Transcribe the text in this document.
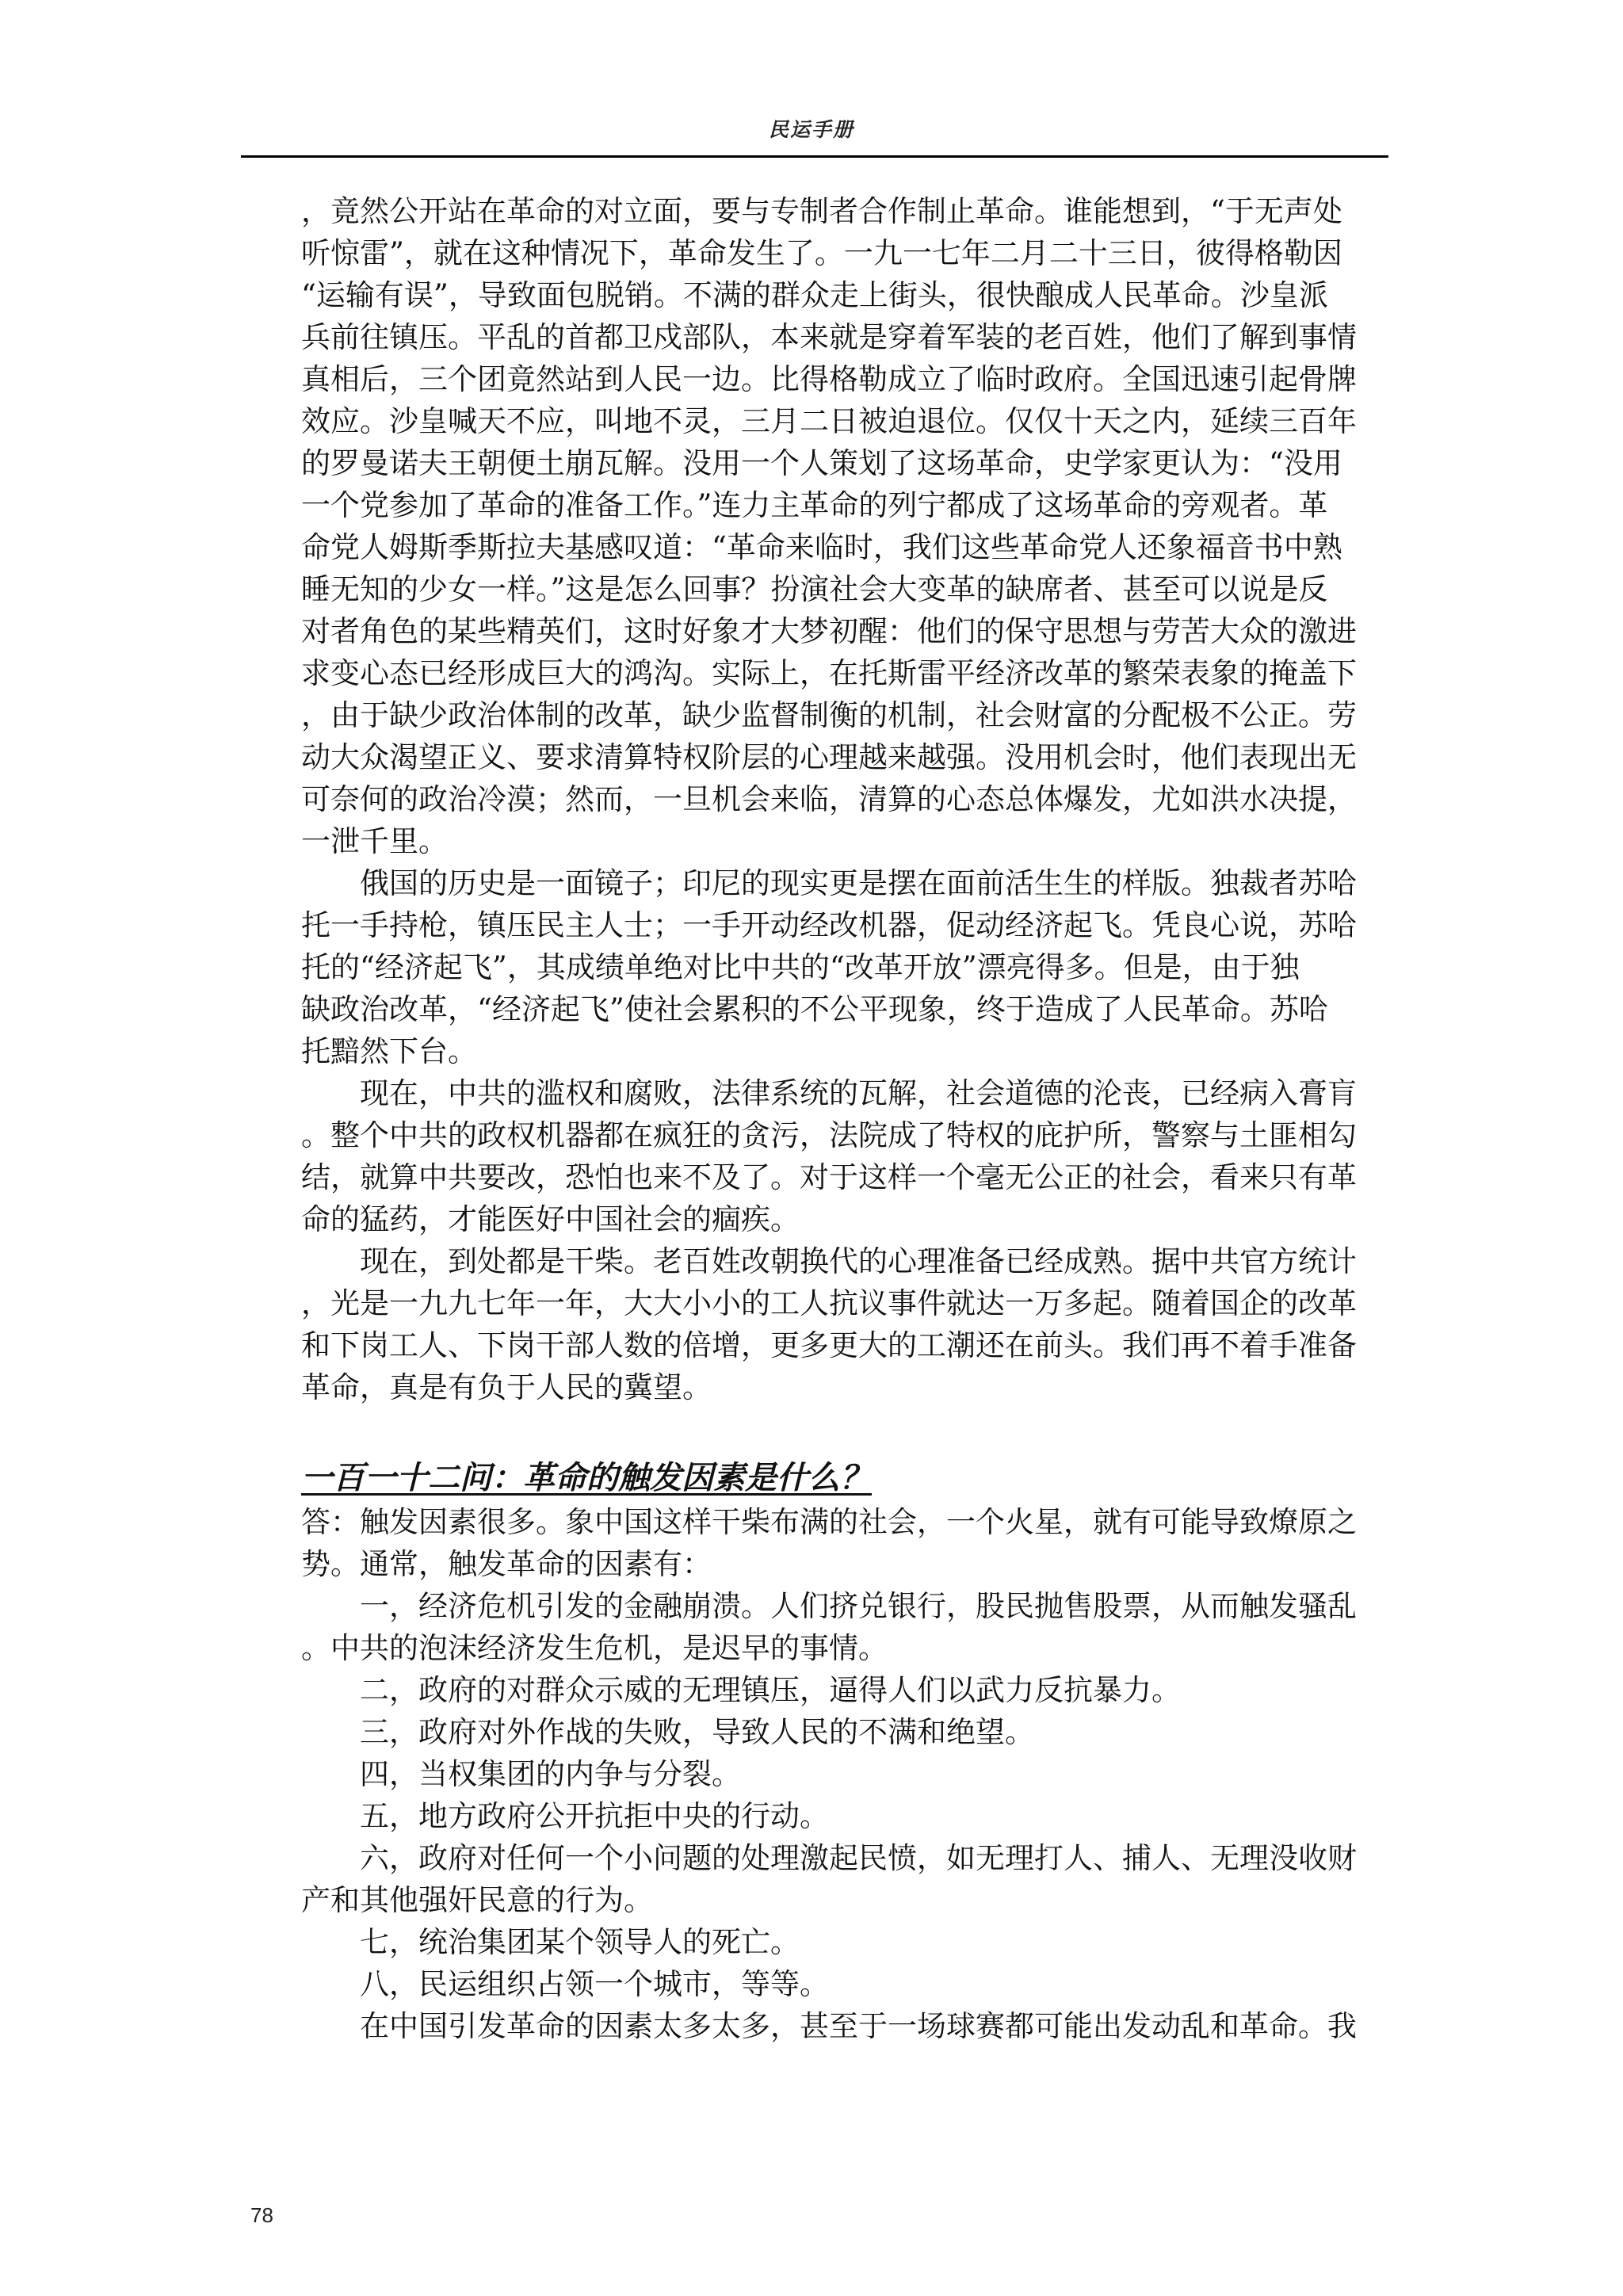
民运手册
，竟然公开站在革命的对立面，要与专制者合作制止革命。谁能想到，“于无声处
听惊雷”，就在这种情况下，革命发生了。一九一七年二月二十三日，彼得格勒因
“运输有误”，导致面包脱销。不满的群众走上街头，很快酿成人民革命。沙皇派
兵前往镇压。平乱的首都卫戍部队，本来就是穿着军装的老百姓，他们了解到事情
真相后，三个团竟然站到人民一边。比得格勒成立了临时政府。全国迅速引起骨牌
效应。沙皇喊天不应，叫地不灵，三月二日被迫退位。仅仅十天之内，延续三百年
的罗曼诺夫王朝便土崩瓦解。没用一个人策划了这场革命，史学家更认为：“没用
一个党参加了革命的准备工作。”连力主革命的列宁都成了这场革命的旁观者。革
命党人姆斯季斯拉夫基感叹道：“革命来临时，我们这些革命党人还象福音书中熟
睡无知的少女一样。”这是怎么回事？扮演社会大变革的缺席者、甚至可以说是反
对者角色的某些精英们，这时好象才大梦初醒：他们的保守思想与劳苦大众的激进
求变心态已经形成巨大的鸿沟。实际上，在托斯雷平经济改革的繁荣表象的掩盖下
，由于缺少政治体制的改革，缺少监督制衡的机制，社会财富的分配极不公正。劳
动大众渴望正义、要求清算特权阶层的心理越来越强。没用机会时，他们表现出无
可奈何的政治冷漠；然而，一旦机会来临，清算的心态总体爆发，尤如洪水决提，
一泄千里。
俄国的历史是一面镜子；印尼的现实更是摆在面前活生生的样版。独裁者苏哈
托一手持枪，镇压民主人士；一手开动经改机器，促动经济起飞。凭良心说，苏哈
托的“经济起飞”，其成绩单绝对比中共的“改革开放”漂亮得多。但是，由于独
缺政治改革，“经济起飞”使社会累积的不公平现象，终于造成了人民革命。苏哈
托黯然下台。
现在，中共的滥权和腐败，法律系统的瓦解，社会道德的沦丧，已经病入膏肓
。整个中共的政权机器都在疯狂的贪污，法院成了特权的庇护所，警察与土匪相勾
结，就算中共要改，恐怕也来不及了。对于这样一个毫无公正的社会，看来只有革
命的猛药，才能医好中国社会的痼疾。
现在，到处都是干柴。老百姓改朝换代的心理准备已经成熟。据中共官方统计
，光是一九九七年一年，大大小小的工人抗议事件就达一万多起。随着国企的改革
和下岗工人、下岗干部人数的倍增，更多更大的工潮还在前头。我们再不着手准备
革命，真是有负于人民的冀望。
一百一十二问：革命的触发因素是什么？
答：触发因素很多。象中国这样干柴布满的社会，一个火星，就有可能导致燎原之
势。通常，触发革命的因素有：
一，经济危机引发的金融崩溃。人们挤兑银行，股民抛售股票，从而触发骚乱
。中共的泡沫经济发生危机，是迟早的事情。
二，政府的对群众示威的无理镇压，逼得人们以武力反抗暴力。
三，政府对外作战的失败，导致人民的不满和绝望。
四，当权集团的内争与分裂。
五，地方政府公开抗拒中央的行动。
六，政府对任何一个小问题的处理激起民愤，如无理打人、捕人、无理没收财
产和其他强奸民意的行为。
七，统治集团某个领导人的死亡。
八，民运组织占领一个城市，等等。
在中国引发革命的因素太多太多，甚至于一场球赛都可能出发动乱和革命。我
78
